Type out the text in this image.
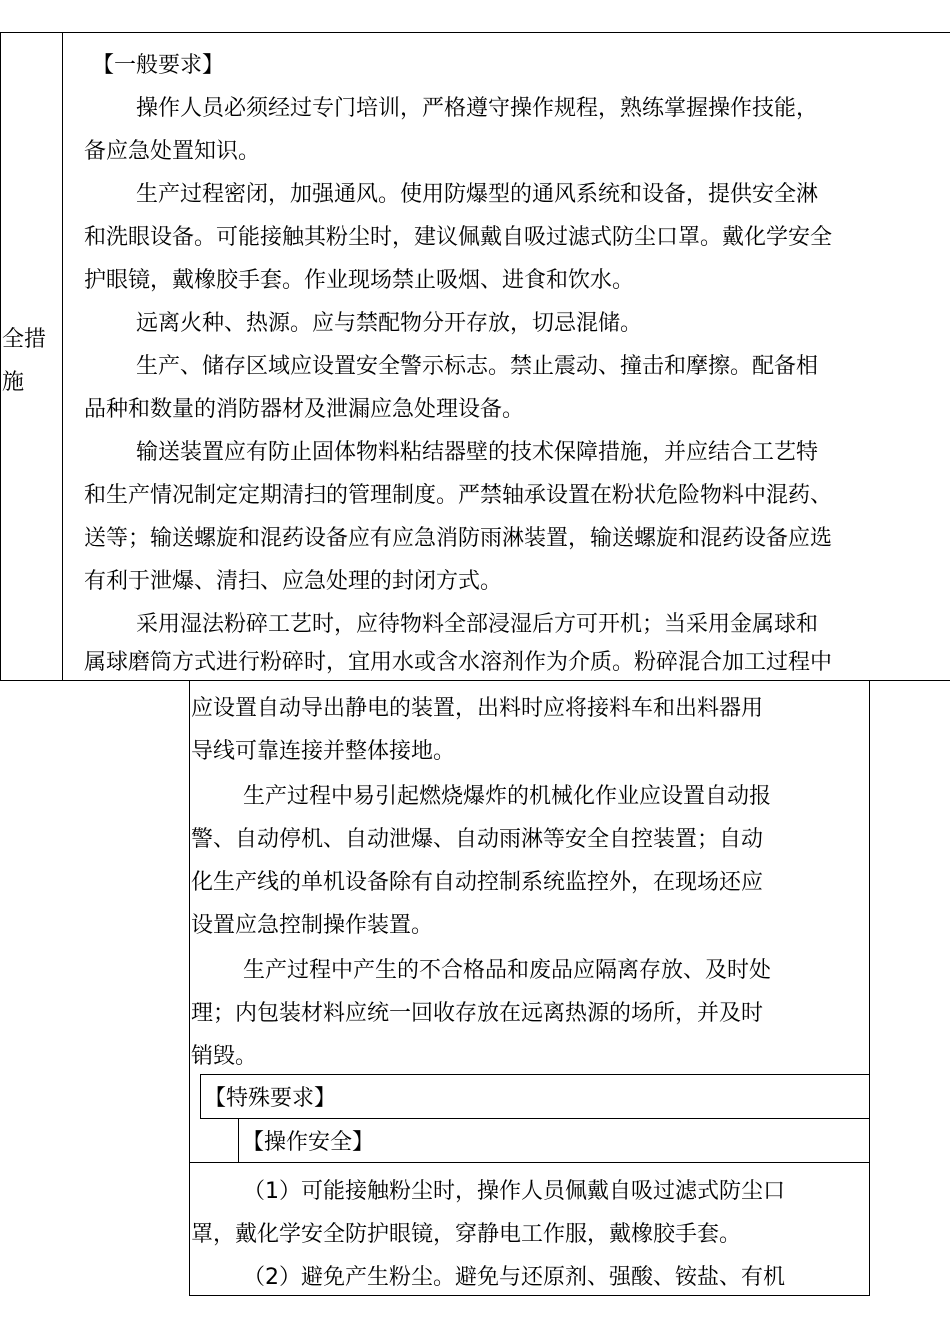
全措
施
【一般要求】
操作人员必须经过专门培训，严格遵守操作规程，熟练掌握操作技能，
备应急处置知识。
生产过程密闭，加强通风。使用防爆型的通风系统和设备，提供安全淋
和洗眼设备。可能接触其粉尘时，建议佩戴自吸过滤式防尘口罩。戴化学安全
护眼镜，戴橡胶手套。作业现场禁止吸烟、进食和饮水。
远离火种、热源。应与禁配物分开存放，切忌混储。
生产、储存区域应设置安全警示标志。禁止震动、撞击和摩擦。配备相
品种和数量的消防器材及泄漏应急处理设备。
输送装置应有防止固体物料粘结器壁的技术保障措施，并应结合工艺特
和生产情况制定定期清扫的管理制度。严禁轴承设置在粉状危险物料中混药、
送等；输送螺旋和混药设备应有应急消防雨淋装置，输送螺旋和混药设备应选
有利于泄爆、清扫、应急处理的封闭方式。
采用湿法粉碎工艺时，应待物料全部浸湿后方可开机；当采用金属球和
属球磨筒方式进行粉碎时，宜用水或含水溶剂作为介质。粉碎混合加工过程中
应设置自动导出静电的装置，出料时应将接料车和出料器用
导线可靠连接并整体接地。
生产过程中易引起燃烧爆炸的机械化作业应设置自动报
警、自动停机、自动泄爆、自动雨淋等安全自控装置；自动
化生产线的单机设备除有自动控制系统监控外，在现场还应
设置应急控制操作装置。
生产过程中产生的不合格品和废品应隔离存放、及时处
理；内包装材料应统一回收存放在远离热源的场所，并及时
销毁。
【特殊要求】
【操作安全】
（1）可能接触粉尘时，操作人员佩戴自吸过滤式防尘口
罩，戴化学安全防护眼镜，穿静电工作服，戴橡胶手套。
（2）避免产生粉尘。避免与还原剂、强酸、铵盐、有机
